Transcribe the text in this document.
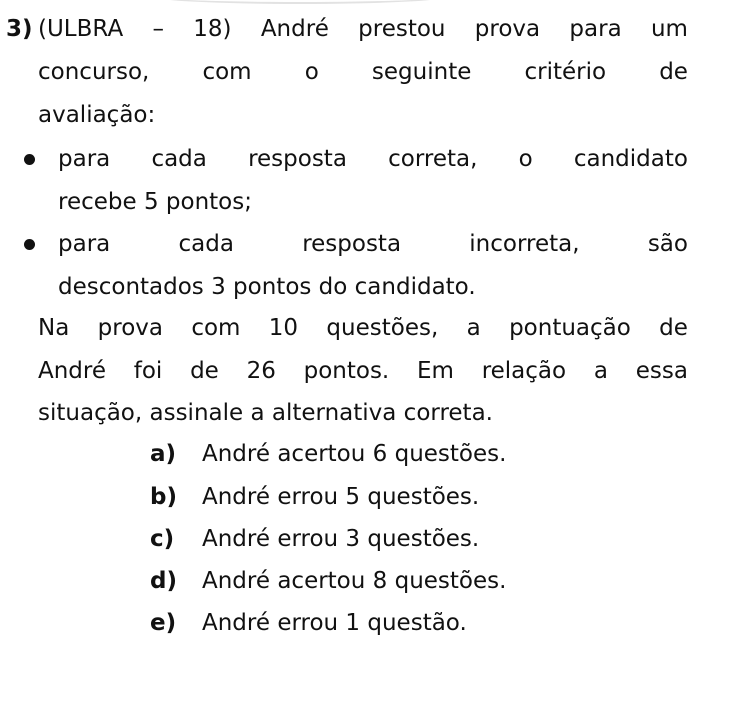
3) (ULBRA – 18) André prestou prova para um
concurso, com o seguinte critério de
avaliação:
para cada resposta correta, o candidato
recebe 5 pontos;
para	cada	resposta	incorreta,	são
descontados 3 pontos do candidato.
Na prova com 10 questões, a pontuação de
André foi de 26 pontos. Em relação a essa
situação, assinale a alternativa correta.
a) André acertou 6 questões.
b) André errou 5 questões.
c) André errou 3 questões.
d) André acertou 8 questões.
e) André errou 1 questão.
